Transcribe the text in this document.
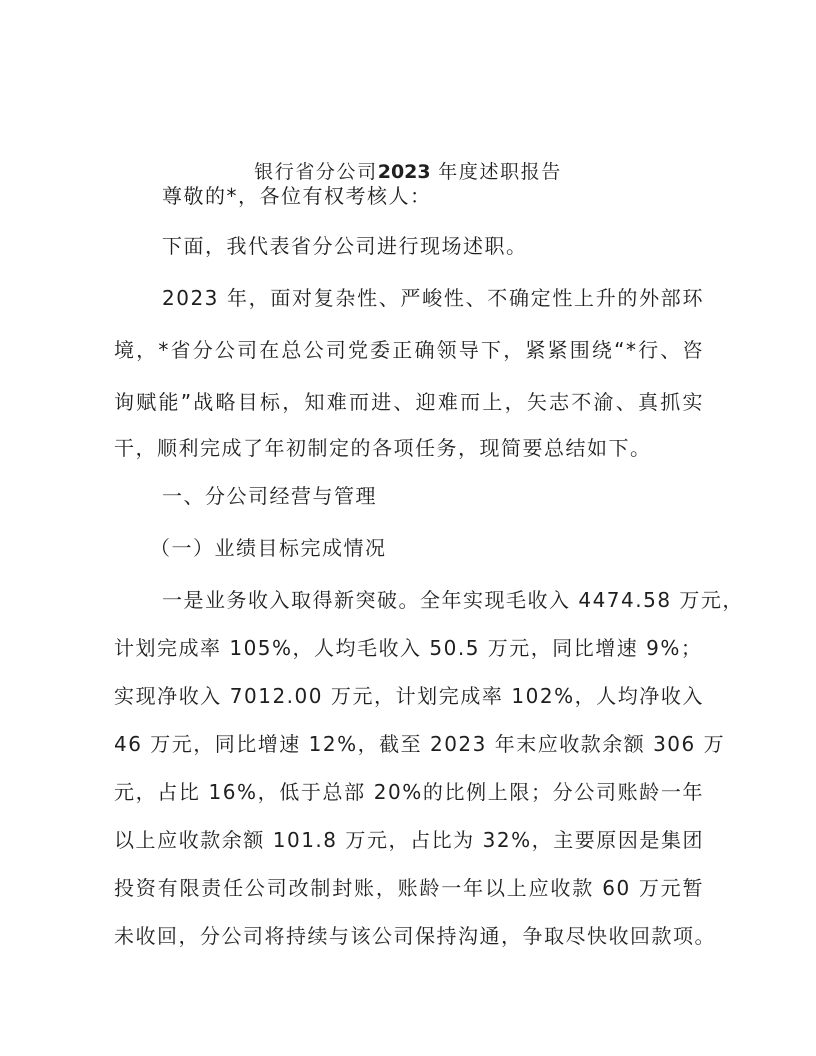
银行省分公司2023 年度述职报告
尊敬的*，各位有权考核人：
下面，我代表省分公司进行现场述职。
2023 年，面对复杂性、严峻性、不确定性上升的外部环
境，*省分公司在总公司党委正确领导下，紧紧围绕“*行、咨
询赋能”战略目标，知难而进、迎难而上，矢志不渝、真抓实
干，顺利完成了年初制定的各项任务，现简要总结如下。
一、分公司经营与管理
（一）业绩目标完成情况
一是业务收入取得新突破。全年实现毛收入 4474.58 万元，
计划完成率 105%，人均毛收入 50.5 万元，同比增速 9%；
实现净收入 7012.00 万元，计划完成率 102%，人均净收入
46 万元，同比增速 12%，截至 2023 年末应收款余额 306 万
元，占比 16%，低于总部 20%的比例上限；分公司账龄一年
以上应收款余额 101.8 万元，占比为 32%，主要原因是集团
投资有限责任公司改制封账，账龄一年以上应收款 60 万元暂
未收回，分公司将持续与该公司保持沟通，争取尽快收回款项。
